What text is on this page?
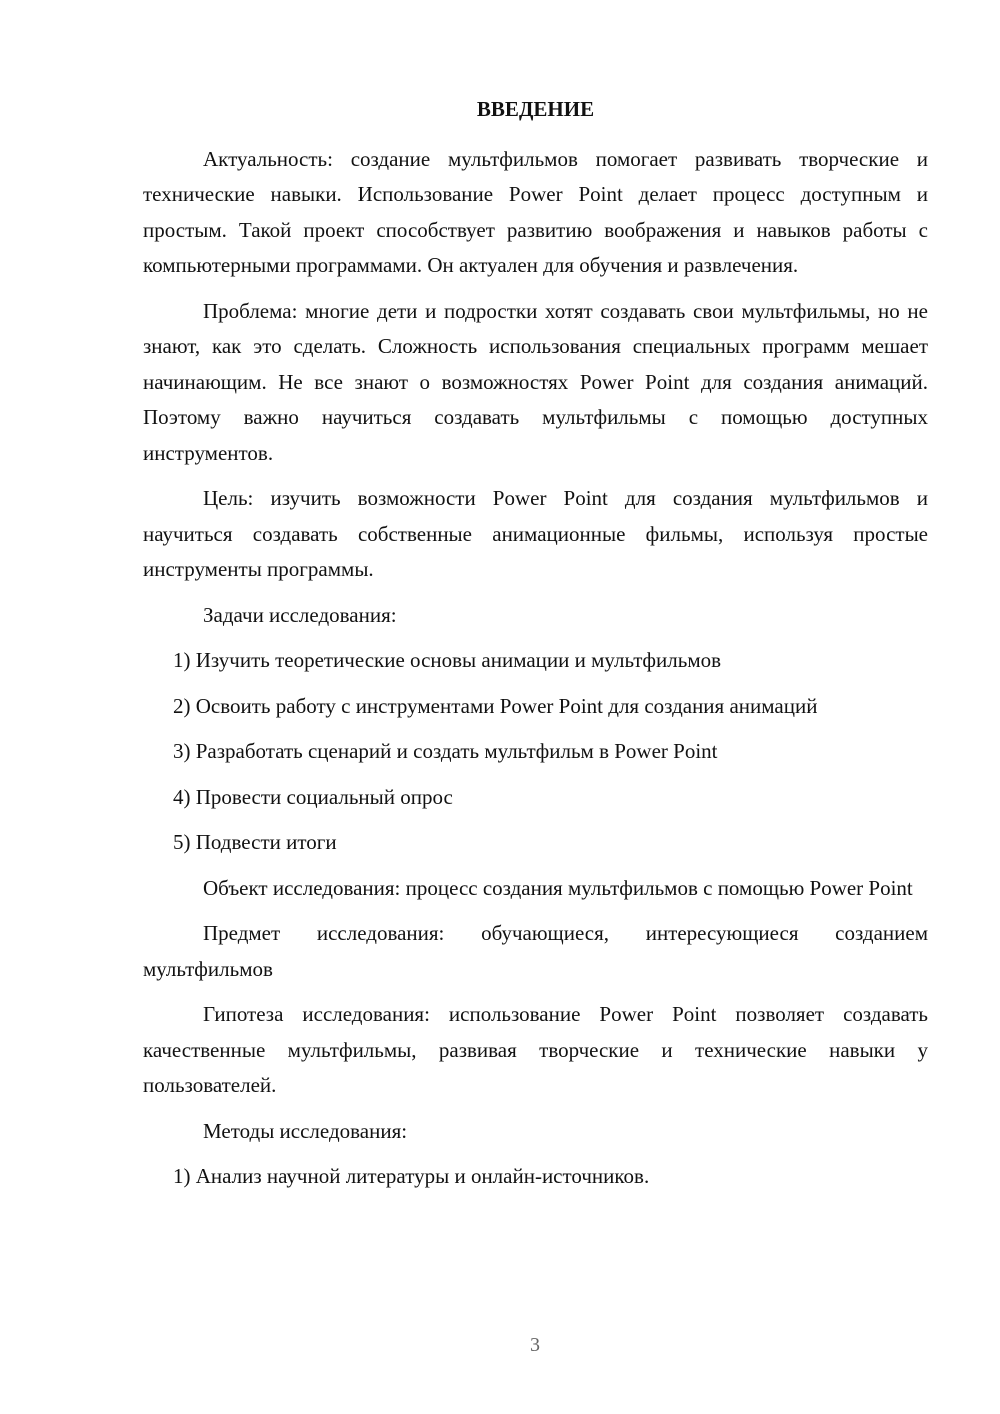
ВВЕДЕНИЕ

Актуальность: создание мультфильмов помогает развивать творческие и технические навыки. Использование Power Point делает процесс доступным и простым. Такой проект способствует развитию воображения и навыков работы с компьютерными программами. Он актуален для обучения и развлечения.

Проблема: многие дети и подростки хотят создавать свои мультфильмы, но не знают, как это сделать. Сложность использования специальных программ мешает начинающим. Не все знают о возможностях Power Point для создания анимаций. Поэтому важно научиться создавать мультфильмы с помощью доступных инструментов.

Цель: изучить возможности Power Point для создания мультфильмов и научиться создавать собственные анимационные фильмы, используя простые инструменты программы.

Задачи исследования:

1) Изучить теоретические основы анимации и мультфильмов

2) Освоить работу с инструментами Power Point для создания анимаций

3) Разработать сценарий и создать мультфильм в Power Point

4) Провести социальный опрос

5) Подвести итоги

Объект исследования: процесс создания мультфильмов с помощью Power Point

Предмет исследования: обучающиеся, интересующиеся созданием мультфильмов

Гипотеза исследования: использование Power Point позволяет создавать качественные мультфильмы, развивая творческие и технические навыки у пользователей.

Методы исследования:

1) Анализ научной литературы и онлайн-источников.

3
